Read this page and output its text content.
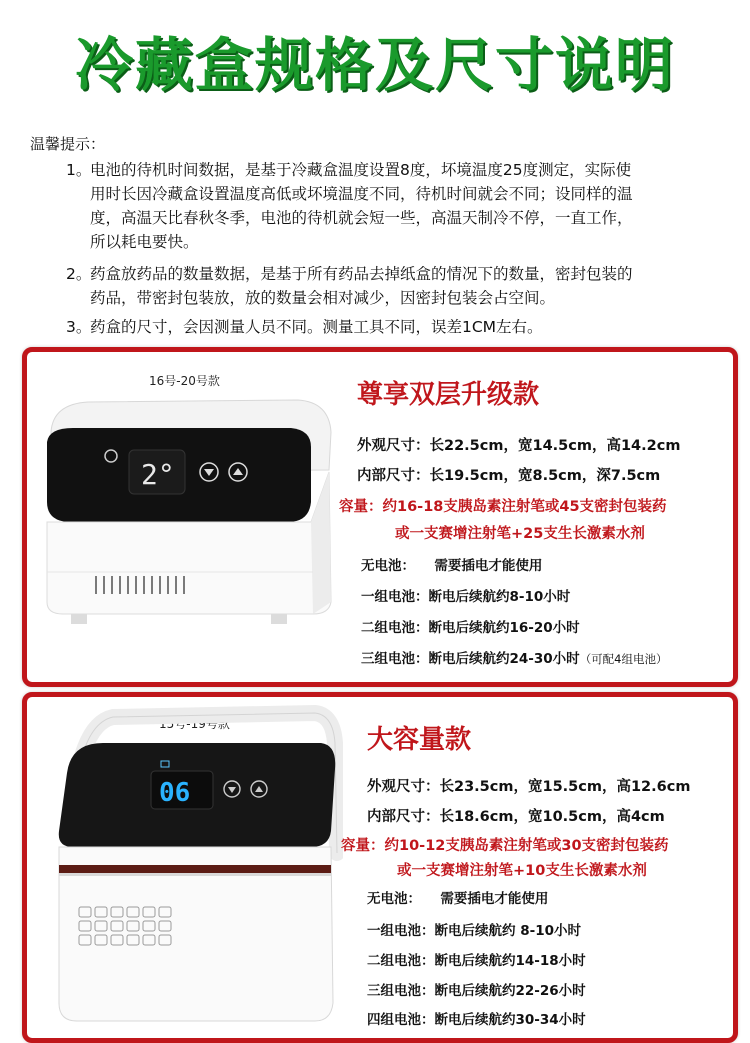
冷藏盒规格及尺寸说明
温馨提示：
1。电池的待机时间数据，是基于冷藏盒温度设置8度，坏境温度25度测定，实际使
用时长因冷藏盒设置温度高低或坏境温度不同，待机时间就会不同；设同样的温
度，高温天比春秋冬季，电池的待机就会短一些，高温天制冷不停，一直工作，
所以耗电要快。
2。药盒放药品的数量数据，是基于所有药品去掉纸盒的情况下的数量，密封包装的
药品，带密封包装放，放的数量会相对减少，因密封包装会占空间。
3。药盒的尺寸，会因测量人员不同。测量工具不同，误差1CM左右。
16号-20号款
2°
尊享双层升级款
外观尺寸：长22.5cm，宽14.5cm，高14.2cm
内部尺寸：长19.5cm，宽8.5cm，深7.5cm
容量：约16-18支胰岛素注射笔或45支密封包装药
或一支赛增注射笔+25支生长激素水剂
无电池： 需要插电才能使用
一组电池：断电后续航约8-10小时
二组电池：断电后续航约16-20小时
三组电池：断电后续航约24-30小时（可配4组电池）
15号-19号款
06
大容量款
外观尺寸：长23.5cm，宽15.5cm，高12.6cm
内部尺寸：长18.6cm，宽10.5cm，高4cm
容量：约10-12支胰岛素注射笔或30支密封包装药
或一支赛增注射笔+10支生长激素水剂
无电池： 需要插电才能使用
一组电池：断电后续航约 8-10小时
二组电池：断电后续航约14-18小时
三组电池：断电后续航约22-26小时
四组电池：断电后续航约30-34小时
